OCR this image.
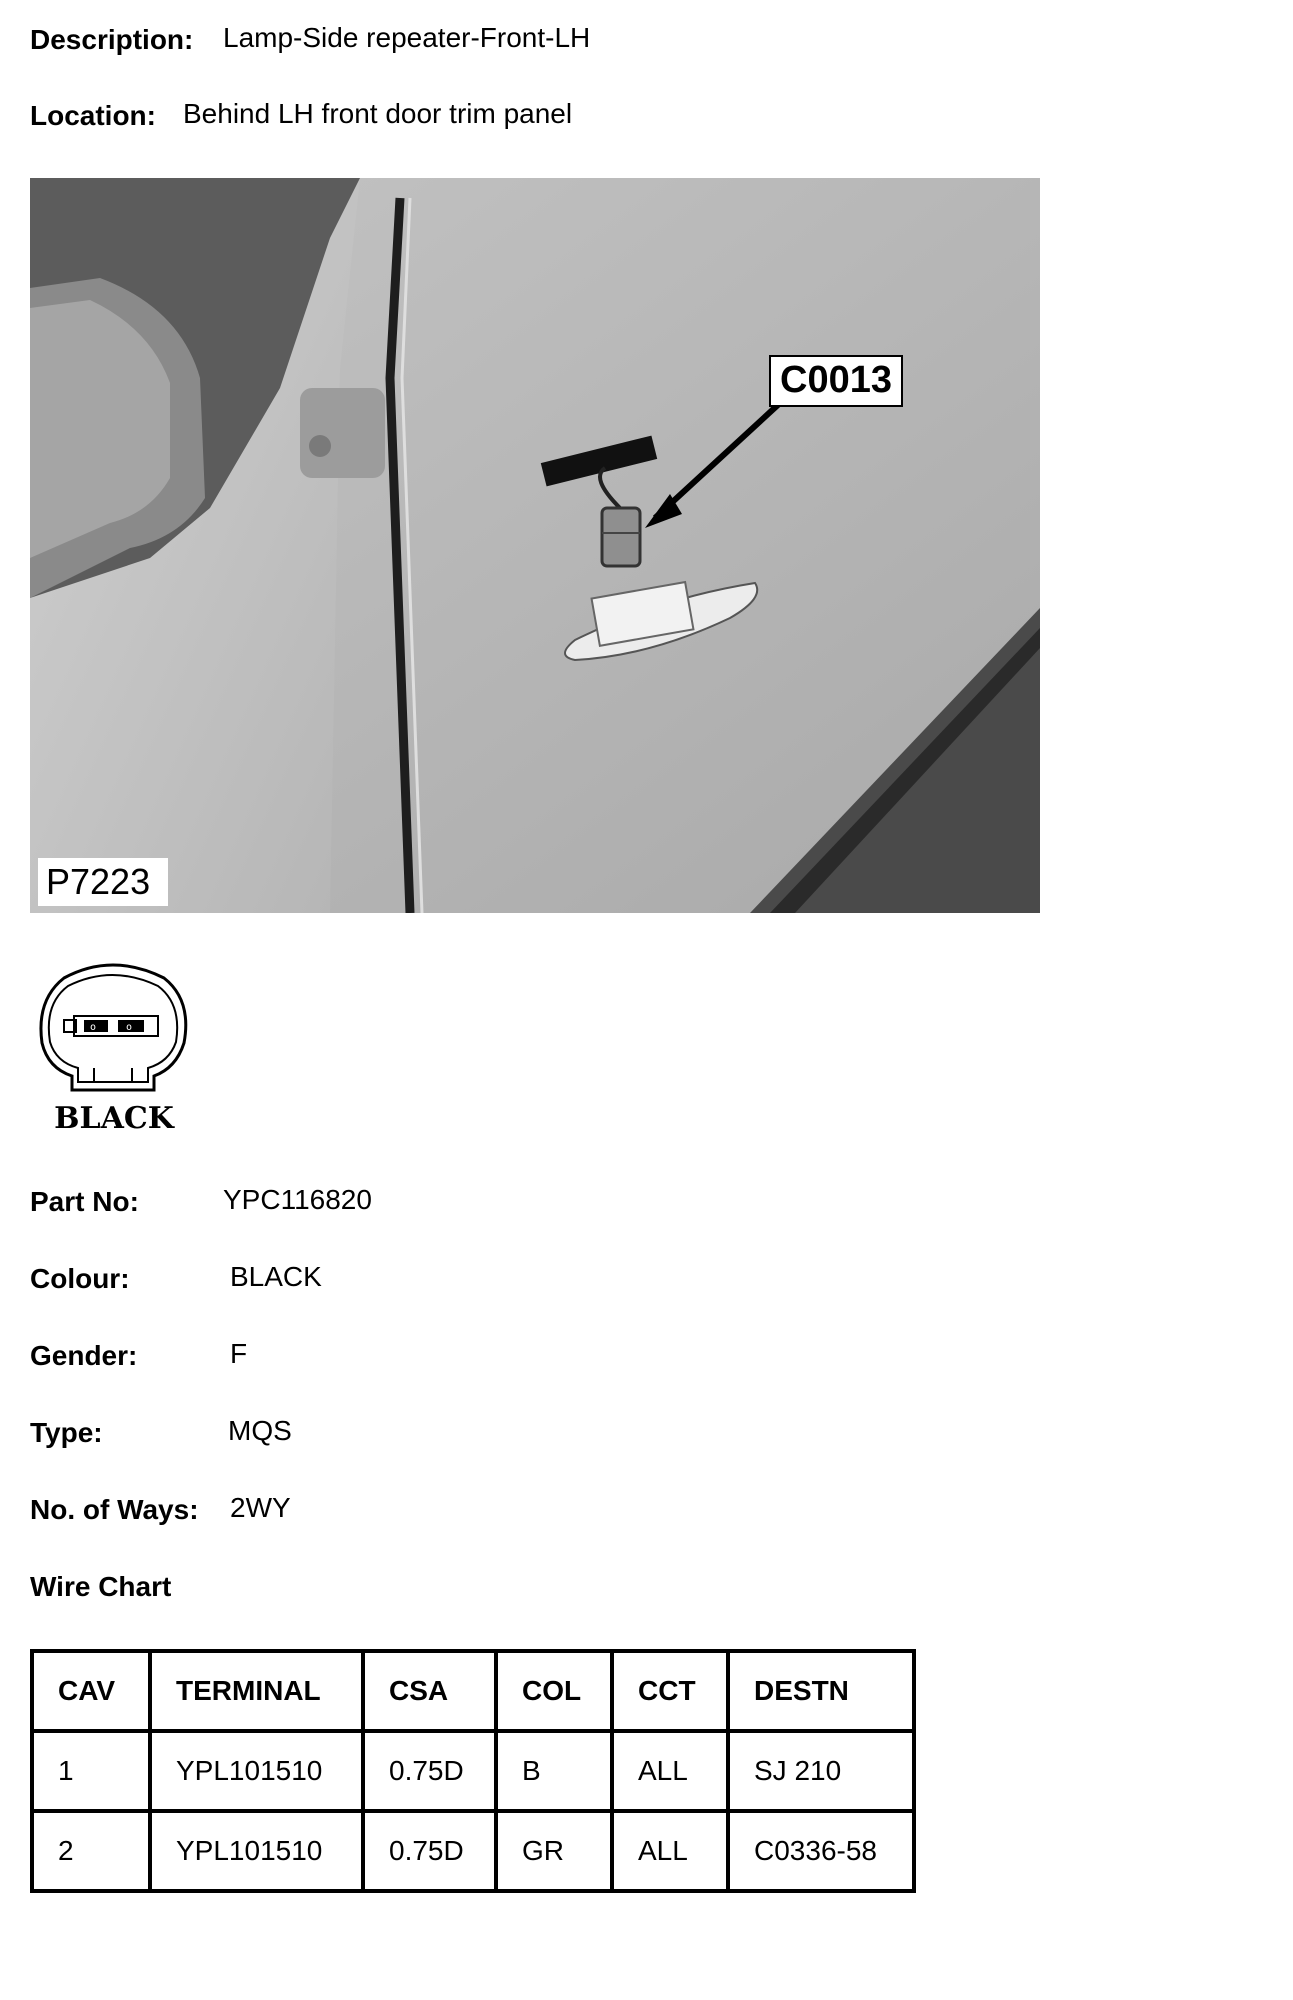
Description: Lamp-Side repeater-Front-LH
Location: Behind LH front door trim panel
C0013
P7223
o	o
BLACK
Part No:	YPC116820
Colour:	BLACK
Gender:	F
Type:	MQS
No. of Ways: 2WY
Wire Chart
CAV	TERMINAL	CSA	COL	CCT	DESTN
1	YPL101510	0.75D	B	ALL	SJ 210
2	YPL101510	0.75D	GR	ALL	C0336-58
